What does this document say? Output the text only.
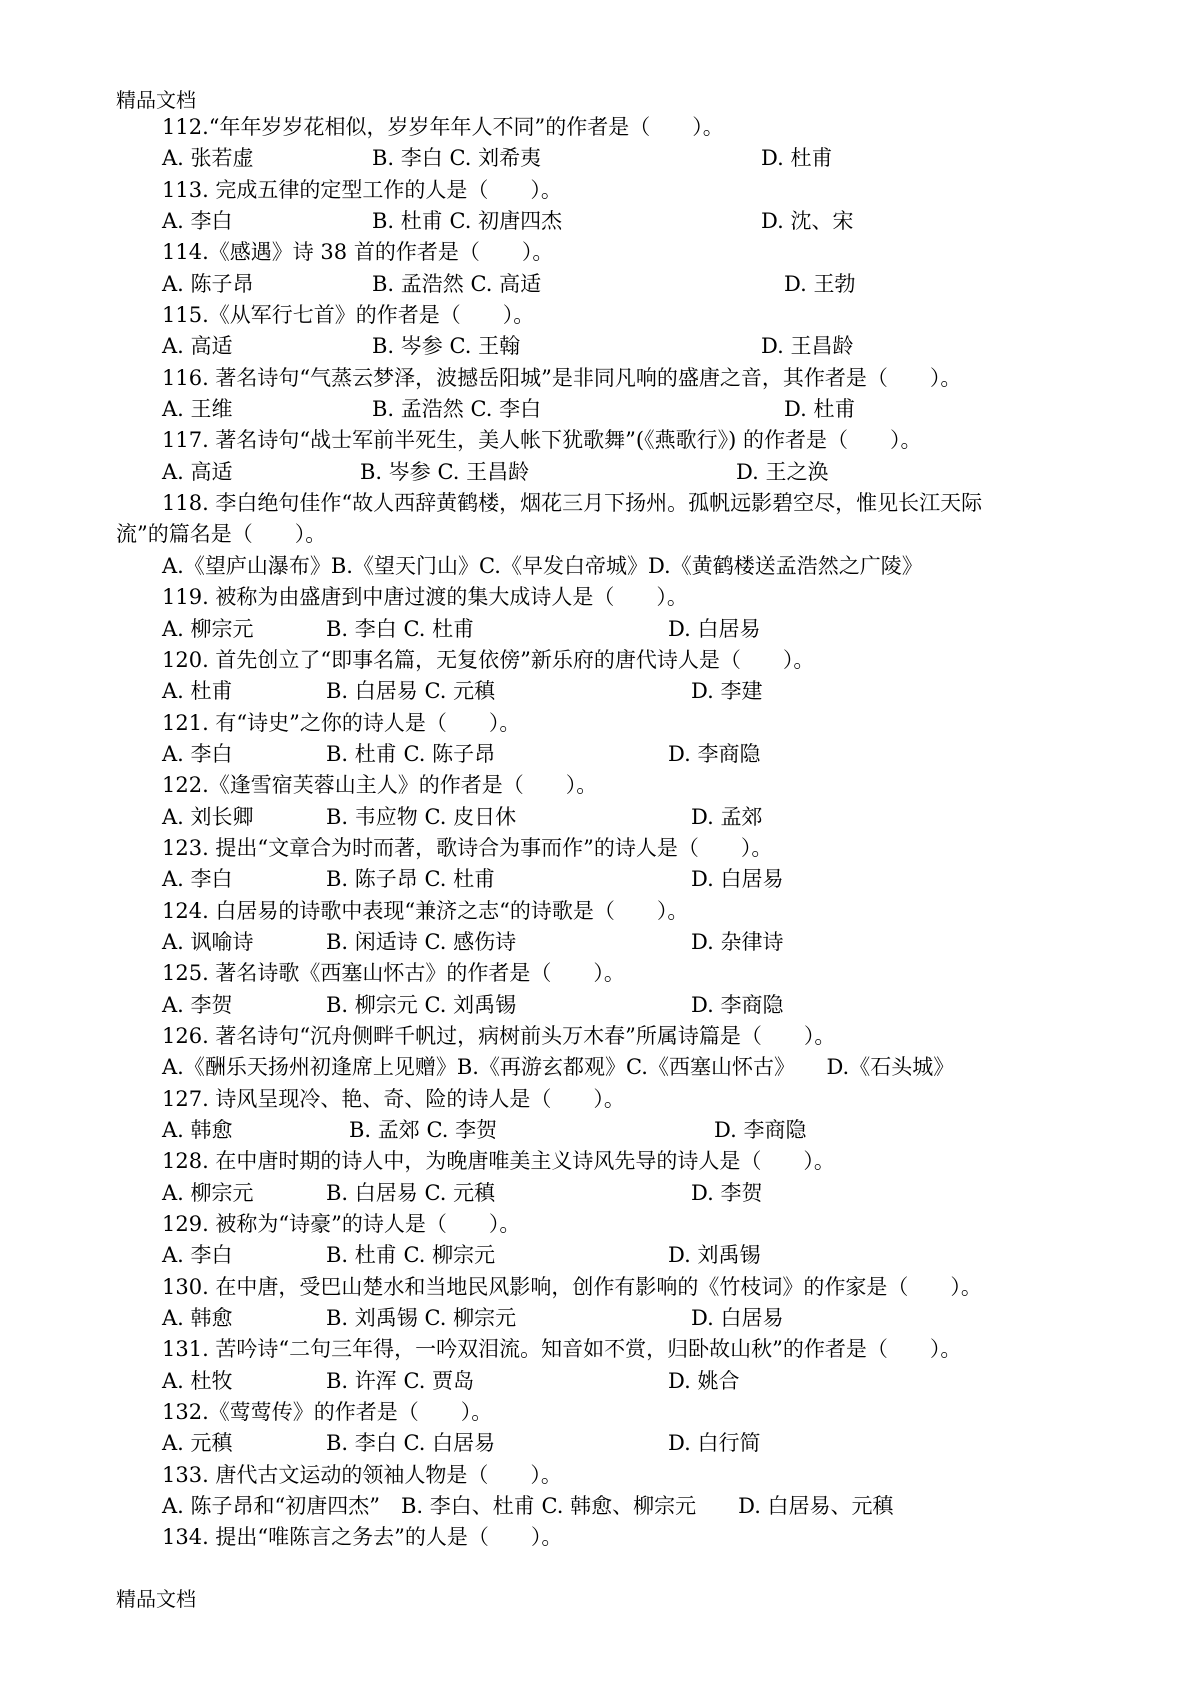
精品文档
112.“年年岁岁花相似，岁岁年年人不同”的作者是（　　）。
A. 张若虚	B. 李白 C. 刘希夷	D. 杜甫
113. 完成五律的定型工作的人是（　　）。
A. 李白	B. 杜甫 C. 初唐四杰	D. 沈、宋
114.《感遇》诗 38 首的作者是（　　）。
A. 陈子昂	B. 孟浩然 C. 高适	D. 王勃
115.《从军行七首》的作者是（　　）。
A. 高适	B. 岑参 C. 王翰	D. 王昌龄
116. 著名诗句“气蒸云梦泽，波撼岳阳城”是非同凡响的盛唐之音，其作者是（　　）。
A. 王维	B. 孟浩然 C. 李白	D. 杜甫
117. 著名诗句“战士军前半死生，美人帐下犹歌舞”(《燕歌行》) 的作者是（　　）。
A. 高适	B. 岑参 C. 王昌龄	D. 王之涣
118. 李白绝句佳作“故人西辞黄鹤楼，烟花三月下扬州。孤帆远影碧空尽，惟见长江天际
流”的篇名是（　　）。
A.《望庐山瀑布》B.《望天门山》C.《早发白帝城》D.《黄鹤楼送孟浩然之广陵》
119. 被称为由盛唐到中唐过渡的集大成诗人是（　　）。
A. 柳宗元	B. 李白 C. 杜甫	D. 白居易
120. 首先创立了“即事名篇，无复依傍”新乐府的唐代诗人是（　　）。
A. 杜甫	B. 白居易 C. 元稹	D. 李建
121. 有“诗史”之你的诗人是（　　）。
A. 李白	B. 杜甫 C. 陈子昂	D. 李商隐
122.《逢雪宿芙蓉山主人》的作者是（　　）。
A. 刘长卿	B. 韦应物 C. 皮日休	D. 孟郊
123. 提出“文章合为时而著，歌诗合为事而作”的诗人是（　　）。
A. 李白	B. 陈子昂 C. 杜甫	D. 白居易
124. 白居易的诗歌中表现“兼济之志“的诗歌是（　　）。
A. 讽喻诗	B. 闲适诗 C. 感伤诗	D. 杂律诗
125. 著名诗歌《西塞山怀古》的作者是（　　）。
A. 李贺	B. 柳宗元 C. 刘禹锡	D. 李商隐
126. 著名诗句“沉舟侧畔千帆过，病树前头万木春”所属诗篇是（　　）。
A.《酬乐天扬州初逢席上见赠》B.《再游玄都观》C.《西塞山怀古》　　D.《石头城》
127. 诗风呈现冷、艳、奇、险的诗人是（　　）。
A. 韩愈	B. 孟郊 C. 李贺	D. 李商隐
128. 在中唐时期的诗人中，为晚唐唯美主义诗风先导的诗人是（　　）。
A. 柳宗元	B. 白居易 C. 元稹	D. 李贺
129. 被称为“诗豪”的诗人是（　　）。
A. 李白	B. 杜甫 C. 柳宗元	D. 刘禹锡
130. 在中唐，受巴山楚水和当地民风影响，创作有影响的《竹枝词》的作家是（　　）。
A. 韩愈	B. 刘禹锡 C. 柳宗元	D. 白居易
131. 苦吟诗“二句三年得，一吟双泪流。知音如不赏，归卧故山秋”的作者是（　　）。
A. 杜牧	B. 许浑 C. 贾岛	D. 姚合
132.《莺莺传》的作者是（　　）。
A. 元稹	B. 李白 C. 白居易	D. 白行简
133. 唐代古文运动的领袖人物是（　　）。
A. 陈子昂和“初唐四杰”　B. 李白、杜甫 C. 韩愈、柳宗元　　D. 白居易、元稹
134. 提出“唯陈言之务去”的人是（　　）。
精品文档
